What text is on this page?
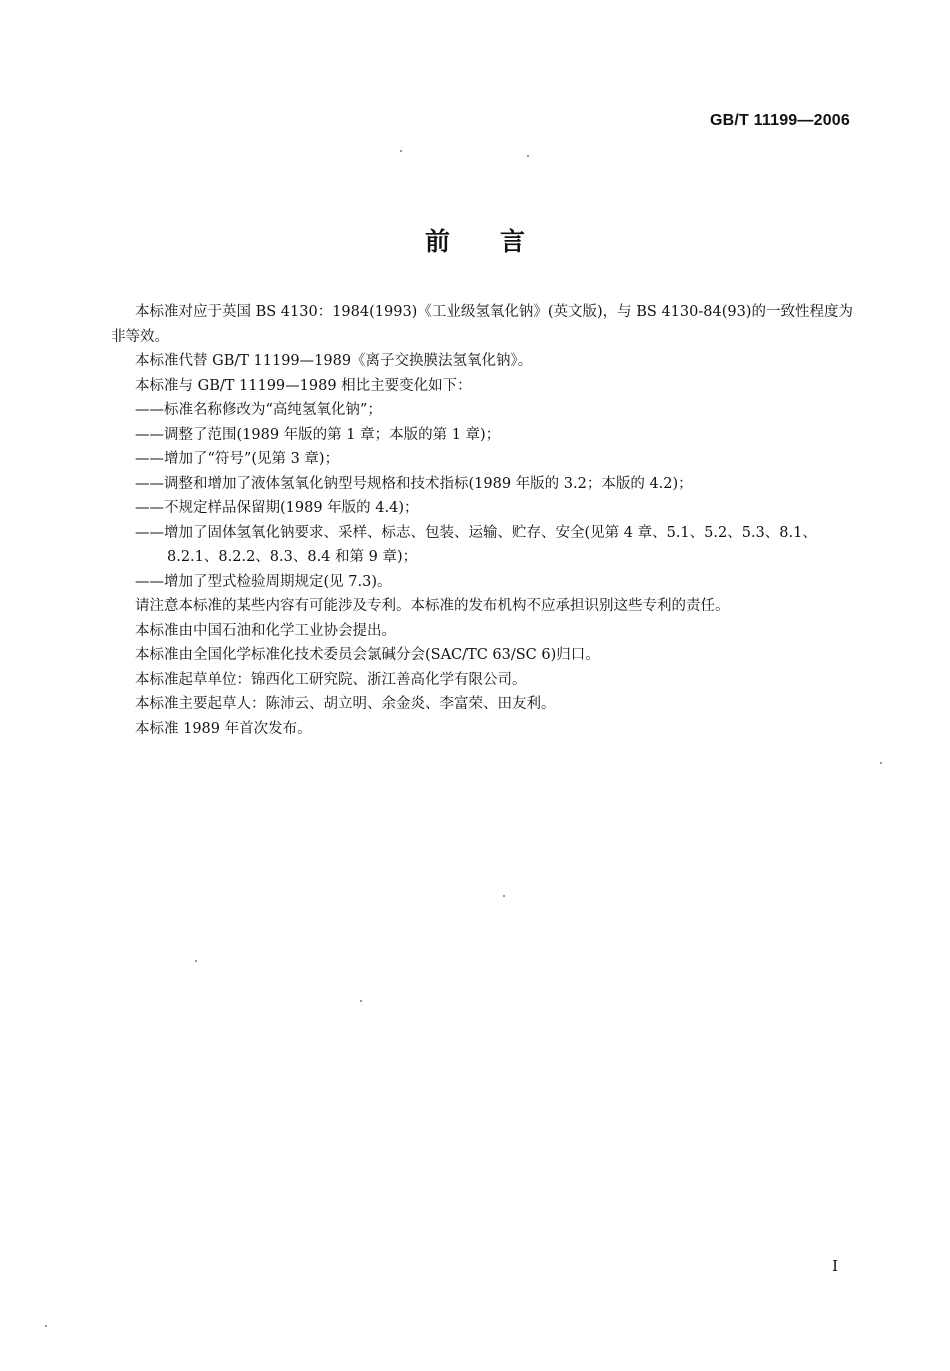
GB/T 11199—2006
前言

本标准对应于英国 BS 4130：1984(1993)《工业级氢氧化钠》(英文版)，与 BS 4130-84(93)的一致性程度为非等效。

本标准代替 GB/T 11199—1989《离子交换膜法氢氧化钠》。

本标准与 GB/T 11199—1989 相比主要变化如下：

——标准名称修改为“高纯氢氧化钠”；

——调整了范围(1989 年版的第 1 章；本版的第 1 章)；

——增加了“符号”(见第 3 章)；

——调整和增加了液体氢氧化钠型号规格和技术指标(1989 年版的 3.2；本版的 4.2)；

——不规定样品保留期(1989 年版的 4.4)；

——增加了固体氢氧化钠要求、采样、标志、包装、运输、贮存、安全(见第 4 章、5.1、5.2、5.3、8.1、

8.2.1、8.2.2、8.3、8.4 和第 9 章)；

——增加了型式检验周期规定(见 7.3)。

请注意本标准的某些内容有可能涉及专利。本标准的发布机构不应承担识别这些专利的责任。

本标准由中国石油和化学工业协会提出。

本标准由全国化学标准化技术委员会氯碱分会(SAC/TC 63/SC 6)归口。

本标准起草单位：锦西化工研究院、浙江善高化学有限公司。

本标准主要起草人：陈沛云、胡立明、余金炎、李富荣、田友利。

本标准 1989 年首次发布。

I
